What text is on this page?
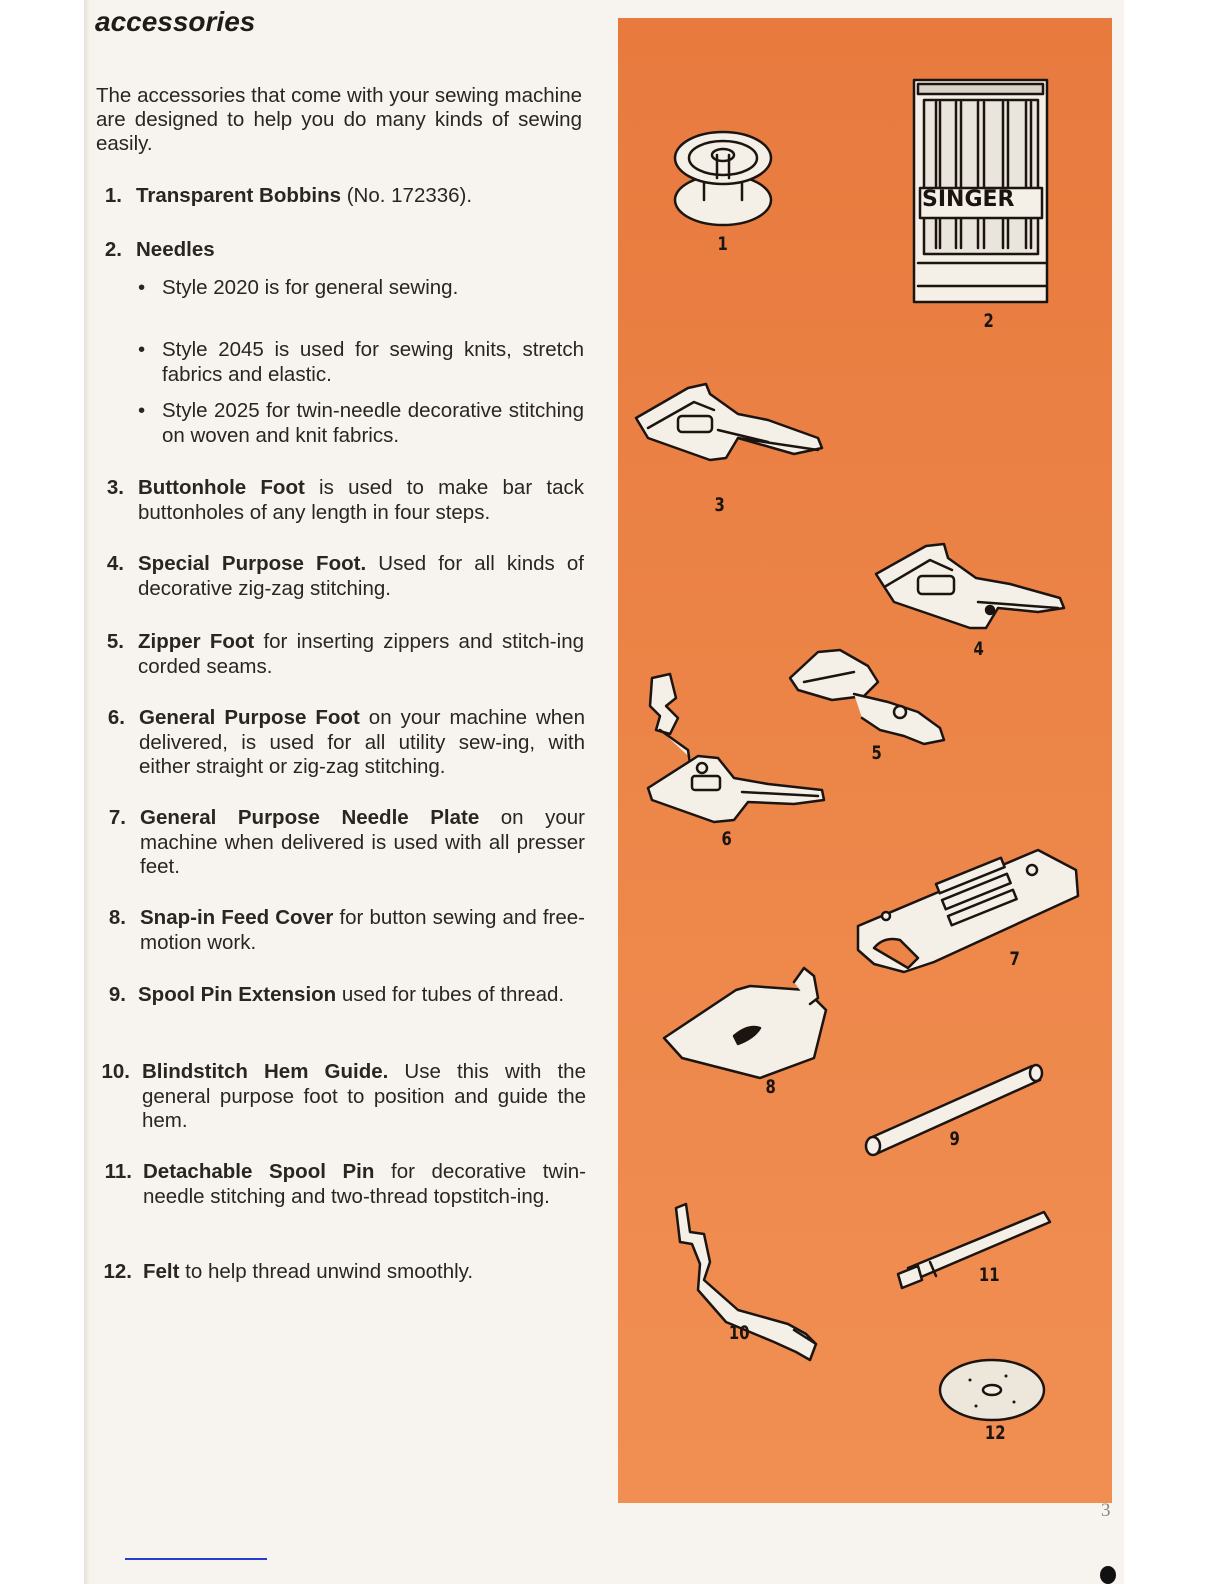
accessories

The accessories that come with your sewing machine are designed to help you do many kinds of sewing easily.

1. Transparent Bobbins (No. 172336).
2. Needles
• Style 2020 is for general sewing.
• Style 2045 is used for sewing knits, stretch fabrics and elastic.
• Style 2025 for twin-needle decorative stitching on woven and knit fabrics.
3. Buttonhole Foot is used to make bar tack buttonholes of any length in four steps.
4. Special Purpose Foot. Used for all kinds of decorative zig-zag stitching.
5. Zipper Foot for inserting zippers and stitch-ing corded seams.
6. General Purpose Foot on your machine when delivered, is used for all utility sew-ing, with either straight or zig-zag stitching.
7. General Purpose Needle Plate on your machine when delivered is used with all presser feet.
8. Snap-in Feed Cover for button sewing and free-motion work.
9. Spool Pin Extension used for tubes of thread.
10. Blindstitch Hem Guide. Use this with the general purpose foot to position and guide the hem.
11. Detachable Spool Pin for decorative twin-needle stitching and two-thread topstitch-ing.
12. Felt to help thread unwind smoothly.
SINGER
1
2
3
4
5
6
7
8
9
10
11
12
3
